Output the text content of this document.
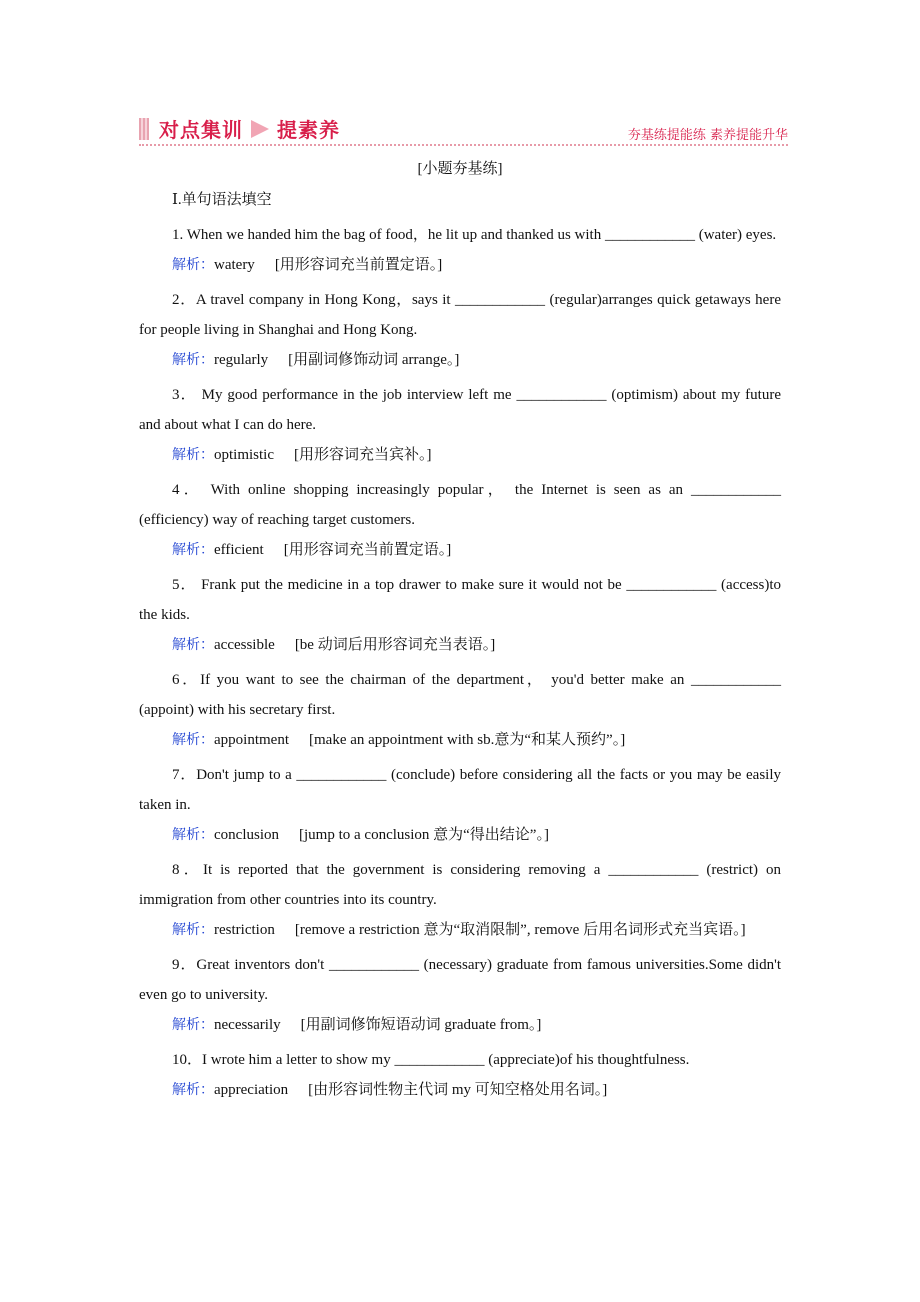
对点集训 提素养	夯基练提能练 素养提能升华
[小题夯基练]
Ⅰ.单句语法填空
1. When we handed him the bag of food，he lit up and thanked us with ____________ (water) eyes.
解析：watery [用形容词充当前置定语。]
2．A travel company in Hong Kong，says it ____________ (regular)arranges quick getaways here for people living in Shanghai and Hong Kong.
解析：regularly [用副词修饰动词 arrange。]
3． My good performance in the job interview left me ____________ (optimism) about my future and about what I can do here.
解析：optimistic [用形容词充当宾补。]
4． With online shopping increasingly popular， the Internet is seen as an ____________ (efficiency) way of reaching target customers.
解析：efficient [用形容词充当前置定语。]
5． Frank put the medicine in a top drawer to make sure it would not be ____________ (access)to the kids.
解析：accessible [be 动词后用形容词充当表语。]
6．If you want to see the chairman of the department， you'd better make an ____________ (appoint) with his secretary first.
解析：appointment [make an appointment with sb.意为“和某人预约”。]
7．Don't jump to a ____________ (conclude) before considering all the facts or you may be easily taken in.
解析：conclusion [jump to a conclusion 意为“得出结论”。]
8．It is reported that the government is considering removing a ____________ (restrict) on immigration from other countries into its country.
解析：restriction [remove a restriction 意为“取消限制”, remove 后用名词形式充当宾语。]
9．Great inventors don't ____________ (necessary) graduate from famous universities.Some didn't even go to university.
解析：necessarily [用副词修饰短语动词 graduate from。]
10．I wrote him a letter to show my ____________ (appreciate)of his thoughtfulness.
解析：appreciation [由形容词性物主代词 my 可知空格处用名词。]
